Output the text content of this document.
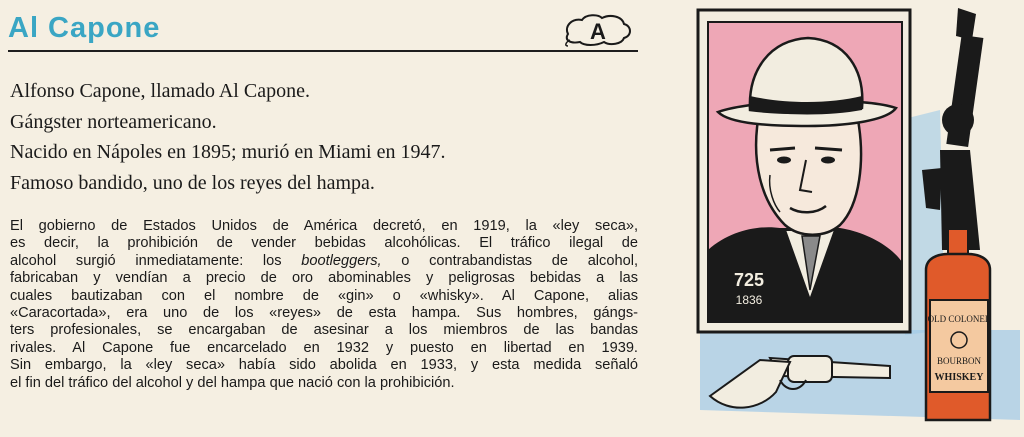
Al Capone	A
Alfonso Capone, llamado Al Capone.
Gángster norteamericano.
Nacido en Nápoles en 1895; murió en Miami en 1947.
Famoso bandido, uno de los reyes del hampa.
El gobierno de Estados Unidos de América decretó, en 1919, la «ley seca»,
es decir, la prohibición de vender bebidas alcohólicas. El tráfico ilegal de
alcohol surgió inmediatamente: los bootleggers, o contrabandistas de alcohol,
fabricaban y vendían a precio de oro abominables y peligrosas bebidas a las
cuales bautizaban con el nombre de «gin» o «whisky». Al Capone, alias
«Caracortada», era uno de los «reyes» de esta hampa. Sus hombres, gángs-
ters profesionales, se encargaban de asesinar a los miembros de las bandas
rivales. Al Capone fue encarcelado en 1932 y puesto en libertad en 1939.
Sin embargo, la «ley seca» había sido abolida en 1933, y esta medida señaló
el fin del tráfico del alcohol y del hampa que nació con la prohibición.
725
1836
OLD COLONEL
BOURBON
WHISKEY
